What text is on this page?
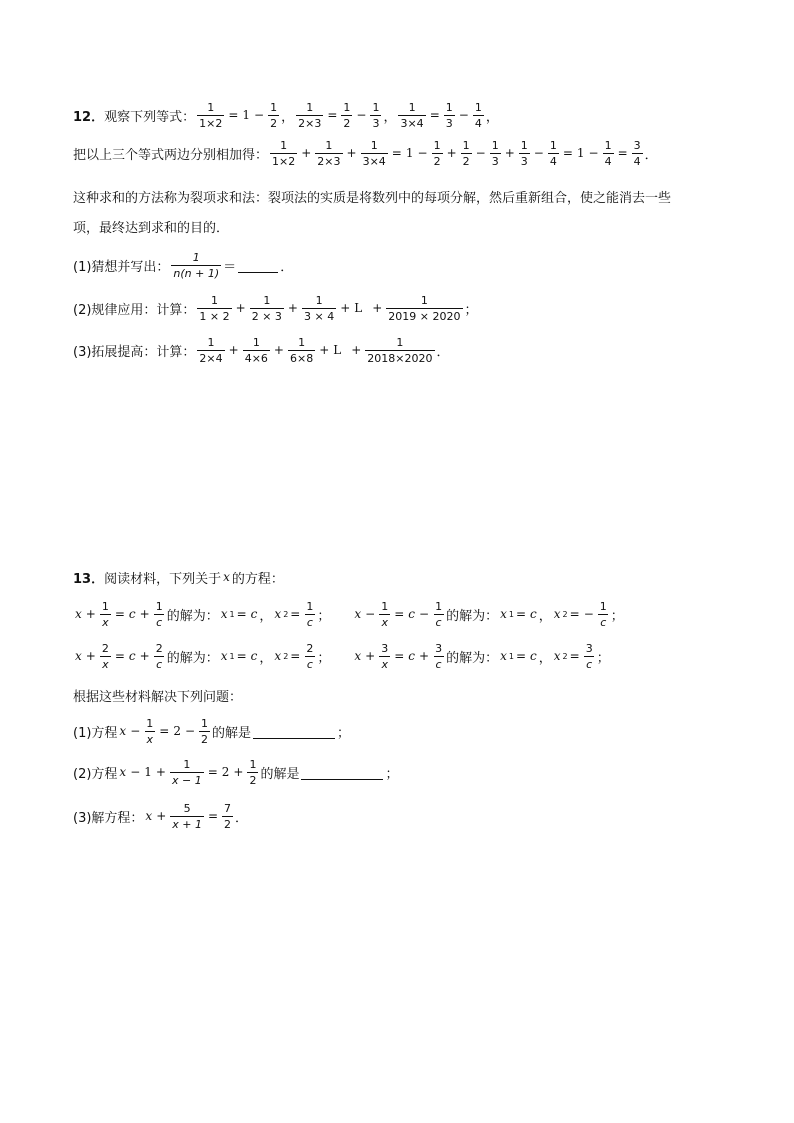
12． 观察下列等式： $\frac{1}{1\times 2} = 1 - \frac{1}{2}$ ， $\frac{1}{2\times 3} = \frac{1}{2} - \frac{1}{3}$ ， $\frac{1}{3\times 4} = \frac{1}{3} - \frac{1}{4}$ ，
把以上三个等式两边分别相加得： $\frac{1}{1\times 2} + \frac{1}{2\times 3} + \frac{1}{3\times 4} = 1 - \frac{1}{2} + \frac{1}{2} - \frac{1}{3} + \frac{1}{3} - \frac{1}{4} = 1 - \frac{1}{4} = \frac{3}{4}$ ．
这种求和的方法称为裂项求和法：裂项法的实质是将数列中的每项分解，然后重新组合，使之能消去一些
项，最终达到求和的目的．
(1)猜想并写出： $\frac{1}{n(n + 1)}$ ＝	．
(2)规律应用：计算： $\frac{1}{1 \times 2} + \frac{1}{2 \times 3} + \frac{1}{3 \times 4} + L + \frac{1}{2019 \times 2020}$ ；
(3)拓展提高：计算： $\frac{1}{2\times 4} + \frac{1}{4\times 6} + \frac{1}{6\times 8} + L + \frac{1}{2018\times 2020}$ ．
13． 阅读材料，下列关于 x 的方程：
$x + \frac{1}{x} = c + \frac{1}{c}$ 的解为： x 1 = c ， x $2 = \frac{1}{c}$ ； $x - \frac{1}{x} = c - \frac{1}{c}$ 的解为： x 1 = c ， x 2 = − $\frac{1}{c}$ ；
$x + \frac{2}{x} = c + \frac{2}{c}$ 的解为： x 1 = c ， x $2 = \frac{2}{c}$ ； $x + \frac{3}{x} = c + \frac{3}{c}$ 的解为： x 1 = c ， x $2 = \frac{3}{c}$ ；
根据这些材料解决下列问题：
(1)方程 $x - \frac{1}{x} = 2 - \frac{1}{2}$ 的解是	；
(2)方程 $x - 1 + \frac{1}{x - 1} = 2 + \frac{1}{2}$ 的解是	；
(3)解方程： $x + \frac{5}{x + 1} = \frac{7}{2}$ ．
